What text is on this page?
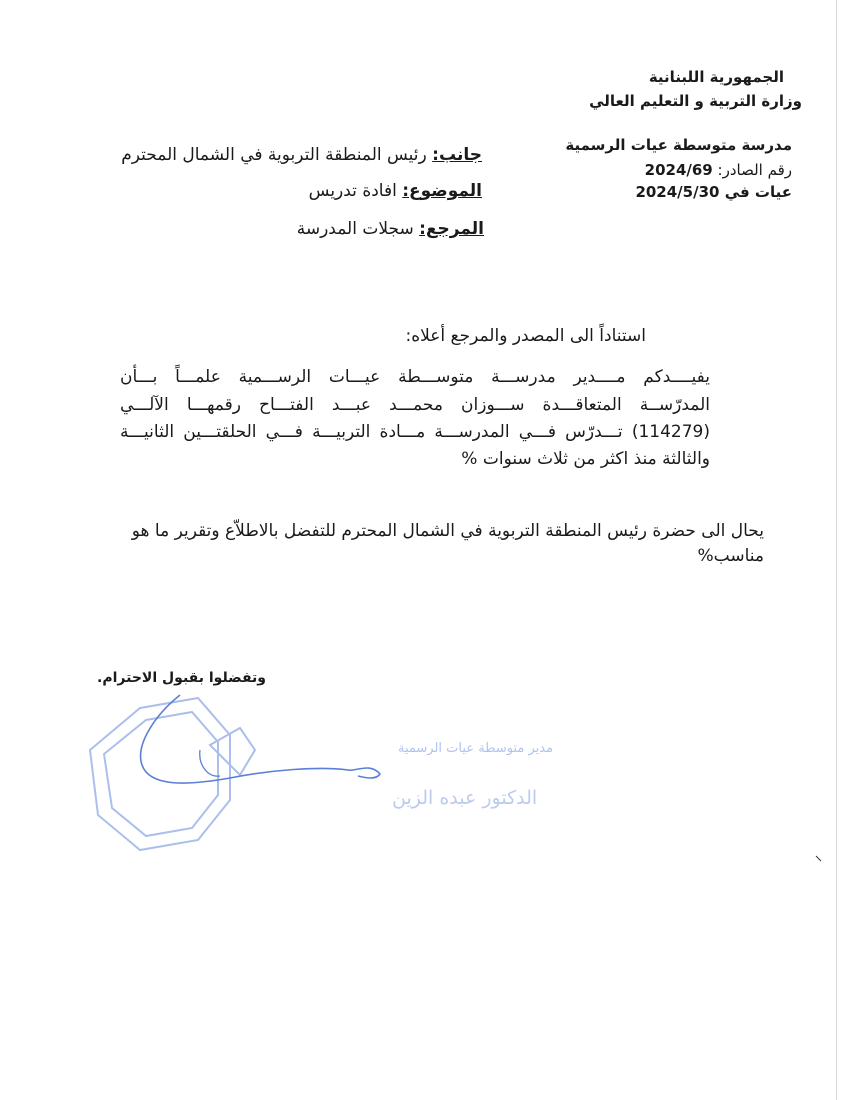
الجمهورية اللبنانية
وزارة التربية و التعليم العالي
مدرسة متوسطة عيات الرسمية
رقم الصادر: 2024/69
عيات في 2024/5/30
جانب: رئيس المنطقة التربوية في الشمال المحترم
الموضوع: افادة تدريس
المرجع: سجلات المدرسة
استناداً الى المصدر والمرجع أعلاه:
يفيــــدكم مــــدير مدرســـة متوســـطة عيـــات الرســـمية علمـــاً بـــأن
المدرّســة المتعاقـــدة ســـوزان محمـــد عبـــد الفتـــاح رقمهـــا الآلـــي
(114279) تـــدرّس فـــي المدرســـة مـــادة التربيـــة فـــي الحلقتـــين الثانيـــة
والثالثة منذ اكثر من ثلاث سنوات %
يحال الى حضرة رئيس المنطقة التربوية في الشمال المحترم للتفضل بالاطلاّع وتقرير ما هو
مناسب%
وتفضلوا بقبول الاحترام.
مدير متوسطة عيات الرسمية
الدكتور عبده الزين
